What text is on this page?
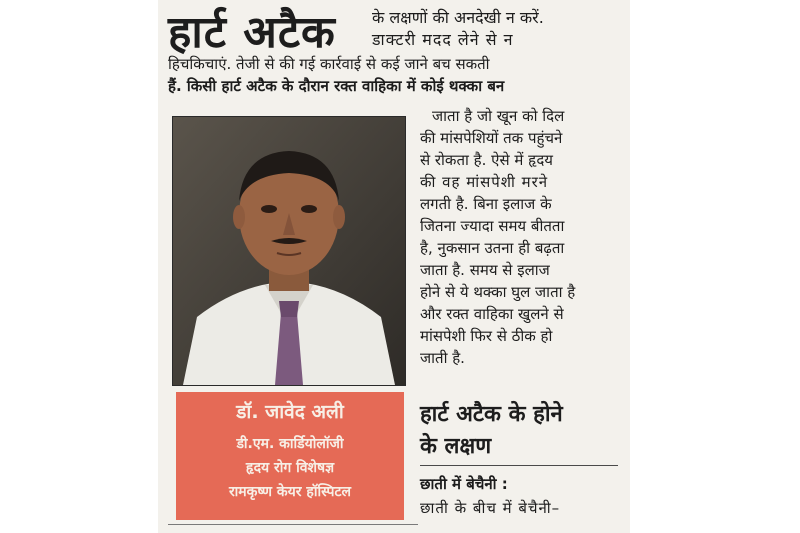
हार्ट अटैक के लक्षणों की अनदेखी न करें.
डाक्टरी मदद लेने से न
हिचकिचाएं. तेजी से की गई कार्रवाई से कई जाने बच सकती
हैं. किसी हार्ट अटैक के दौरान रक्त वाहिका में कोई थक्का बन
डॉ. जावेद अली
डी.एम. कार्डियोलॉजी
हृदय रोग विशेषज्ञ
रामकृष्ण केयर हॉस्पिटल
जाता है जो खून को दिल
की मांसपेशियों तक पहुंचने
से रोकता है. ऐसे में हृदय
की वह मांसपेशी मरने
लगती है. बिना इलाज के
जितना ज्यादा समय बीतता
है, नुकसान उतना ही बढ़ता
जाता है. समय से इलाज
होने से ये थक्का घुल जाता है
और रक्त वाहिका खुलने से
मांसपेशी फिर से ठीक हो
जाती है.
हार्ट अटैक के होने
के लक्षण
छाती में बेचैनी :
छाती के बीच में बेचैनी–
